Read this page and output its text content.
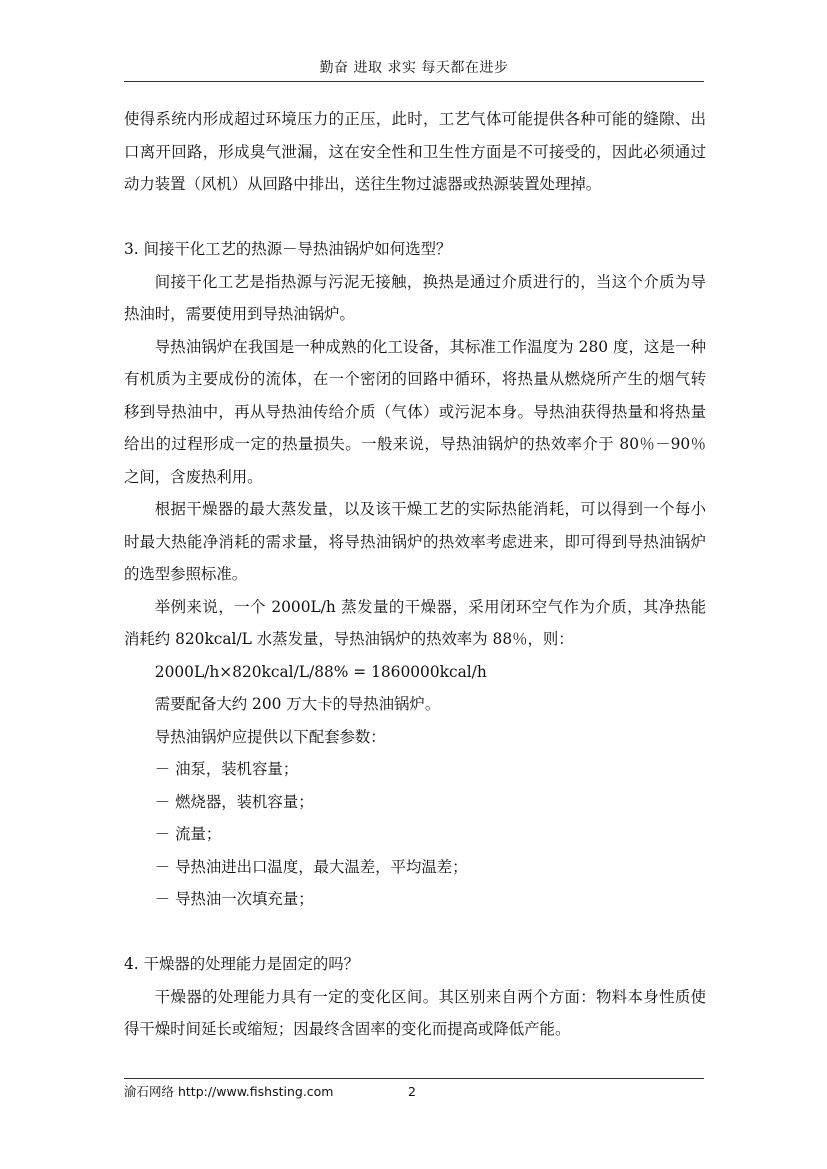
勤奋 进取 求实 每天都在进步

使得系统内形成超过环境压力的正压，此时，工艺气体可能提供各种可能的缝隙、出口离开回路，形成臭气泄漏，这在安全性和卫生性方面是不可接受的，因此必须通过动力装置（风机）从回路中排出，送往生物过滤器或热源装置处理掉。

3. 间接干化工艺的热源－导热油锅炉如何选型？

间接干化工艺是指热源与污泥无接触，换热是通过介质进行的，当这个介质为导热油时，需要使用到导热油锅炉。

导热油锅炉在我国是一种成熟的化工设备，其标准工作温度为 280 度，这是一种有机质为主要成份的流体，在一个密闭的回路中循环，将热量从燃烧所产生的烟气转移到导热油中，再从导热油传给介质（气体）或污泥本身。导热油获得热量和将热量给出的过程形成一定的热量损失。一般来说，导热油锅炉的热效率介于 80％－90％之间，含废热利用。

根据干燥器的最大蒸发量，以及该干燥工艺的实际热能消耗，可以得到一个每小时最大热能净消耗的需求量，将导热油锅炉的热效率考虑进来，即可得到导热油锅炉的选型参照标准。

举例来说，一个 2000L/h 蒸发量的干燥器，采用闭环空气作为介质，其净热能消耗约 820kcal/L 水蒸发量，导热油锅炉的热效率为 88％，则：

2000L/h×820kcal/L/88% = 1860000kcal/h

需要配备大约 200 万大卡的导热油锅炉。

导热油锅炉应提供以下配套参数：

－ 油泵，装机容量；

－ 燃烧器，装机容量；

－ 流量；

－ 导热油进出口温度，最大温差，平均温差；

－ 导热油一次填充量；

4. 干燥器的处理能力是固定的吗？

干燥器的处理能力具有一定的变化区间。其区别来自两个方面：物料本身性质使得干燥时间延长或缩短；因最终含固率的变化而提高或降低产能。

渝石网络 http://www.fishsting.com	2
